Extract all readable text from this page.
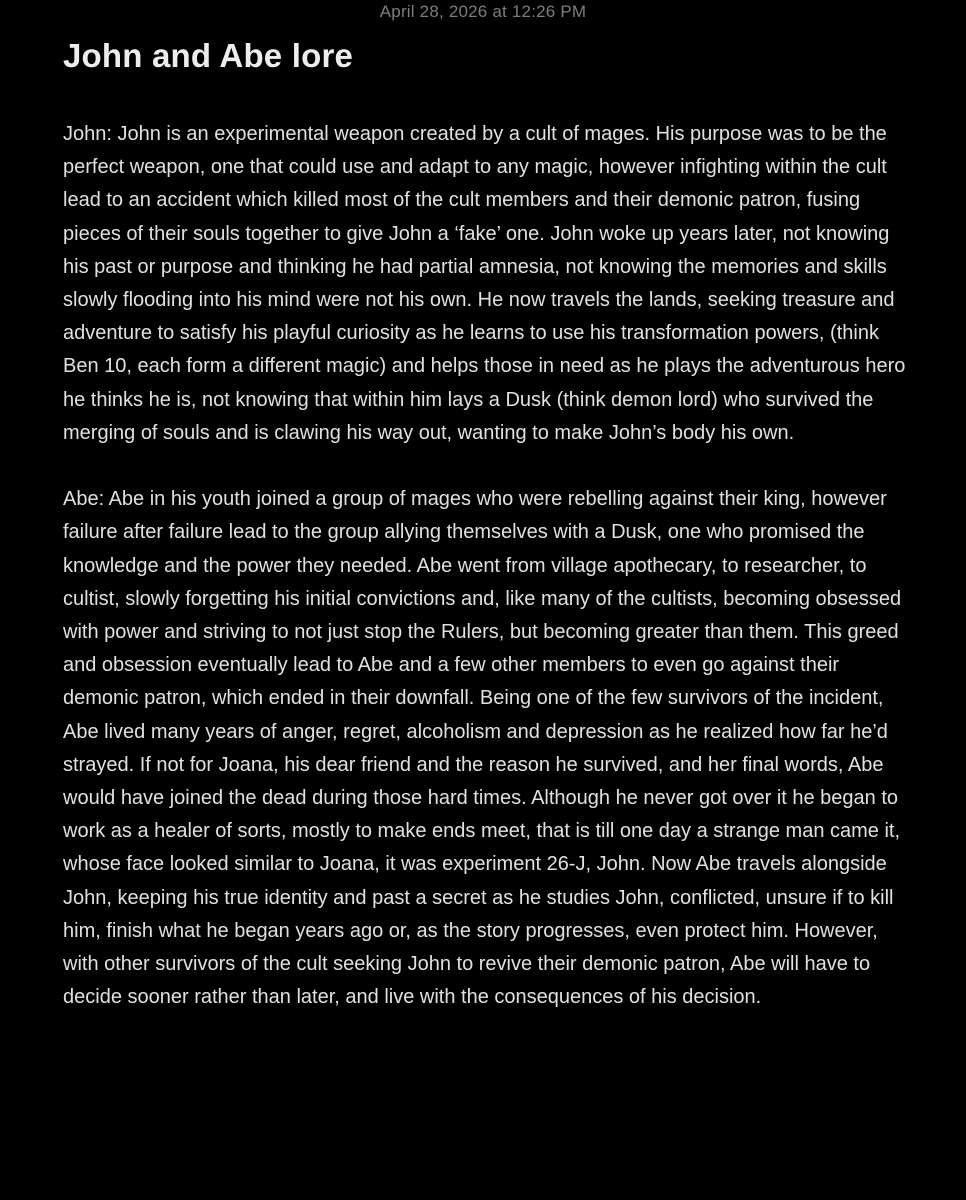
April 28, 2026 at 12:26 PM
John and Abe lore

John: John is an experimental weapon created by a cult of mages. His purpose was to be the perfect weapon, one that could use and adapt to any magic, however infighting within the cult lead to an accident which killed most of the cult members and their demonic patron, fusing pieces of their souls together to give John a ‘fake’ one. John woke up years later, not knowing his past or purpose and thinking he had partial amnesia, not knowing the memories and skills slowly flooding into his mind were not his own. He now travels the lands, seeking treasure and adventure to satisfy his playful curiosity as he learns to use his transformation powers, (think Ben 10, each form a different magic) and helps those in need as he plays the adventurous hero he thinks he is, not knowing that within him lays a Dusk (think demon lord) who survived the merging of souls and is clawing his way out, wanting to make John’s body his own.

Abe: Abe in his youth joined a group of mages who were rebelling against their king, however failure after failure lead to the group allying themselves with a Dusk, one who promised the knowledge and the power they needed. Abe went from village apothecary, to researcher, to cultist, slowly forgetting his initial convictions and, like many of the cultists, becoming obsessed with power and striving to not just stop the Rulers, but becoming greater than them. This greed and obsession eventually lead to Abe and a few other members to even go against their demonic patron, which ended in their downfall. Being one of the few survivors of the incident, Abe lived many years of anger, regret, alcoholism and depression as he realized how far he’d strayed. If not for Joana, his dear friend and the reason he survived, and her final words, Abe would have joined the dead during those hard times. Although he never got over it he began to work as a healer of sorts, mostly to make ends meet, that is till one day a strange man came it, whose face looked similar to Joana, it was experiment 26-J, John. Now Abe travels alongside John, keeping his true identity and past a secret as he studies John, conflicted, unsure if to kill him, finish what he began years ago or, as the story progresses, even protect him. However, with other survivors of the cult seeking John to revive their demonic patron, Abe will have to decide sooner rather than later, and live with the consequences of his decision.
